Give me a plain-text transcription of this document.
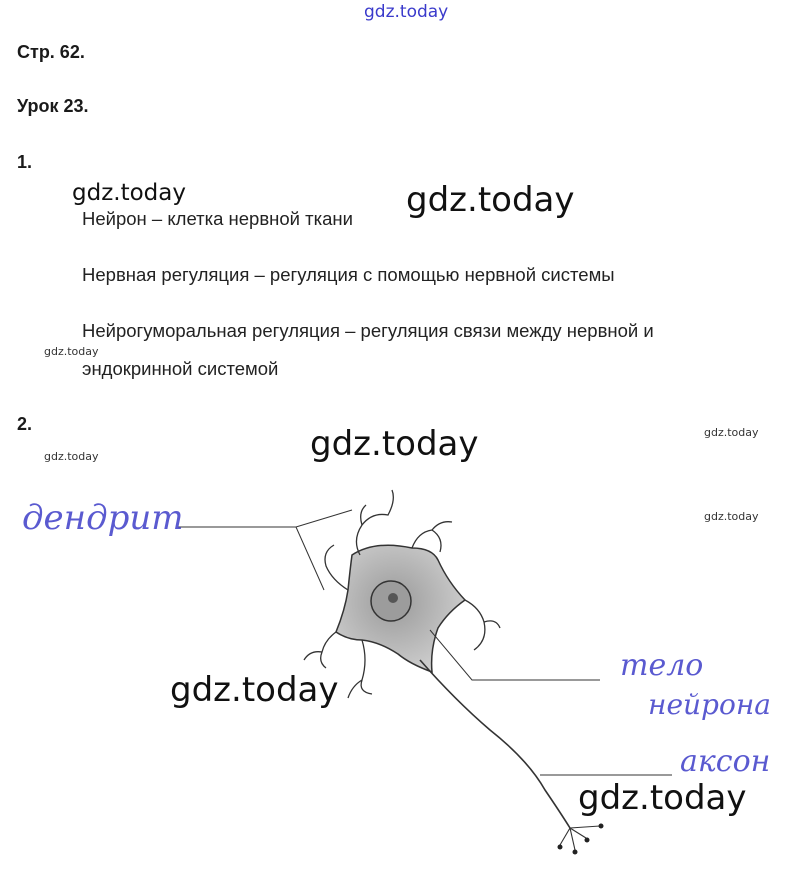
gdz.today
Стр. 62.
Урок 23.
1.
gdz.today
Нейрон – клетка нервной ткани gdz.today
Нервная регуляция – регуляция с помощью нервной системы
Нейрогуморальная регуляция – регуляция связи между нервной и
gdz.today
эндокринной системой
2.
gdz.today
gdz.today
gdz.today
дендрит
тело
нейрона
аксон
gdz.today
gdz.today
gdz.today
